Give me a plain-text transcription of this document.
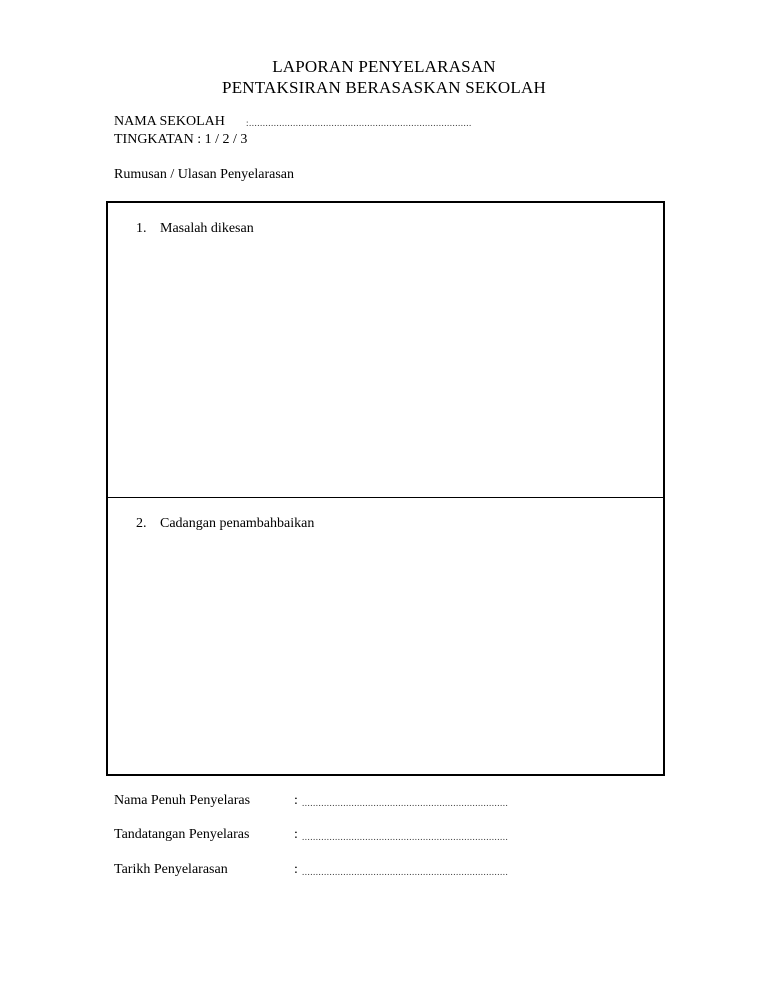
LAPORAN PENYELARASAN
PENTAKSIRAN BERASASKAN SEKOLAH
NAMA SEKOLAH :.................................................................................
TINGKATAN : 1 / 2 / 3
Rumusan / Ulasan Penyelarasan
1. Masalah dikesan
2. Cadangan penambahbaikan
Nama Penuh Penyelaras	: ...........................................................................
Tandatangan Penyelaras	: ...........................................................................
Tarikh Penyelarasan	: ...........................................................................
